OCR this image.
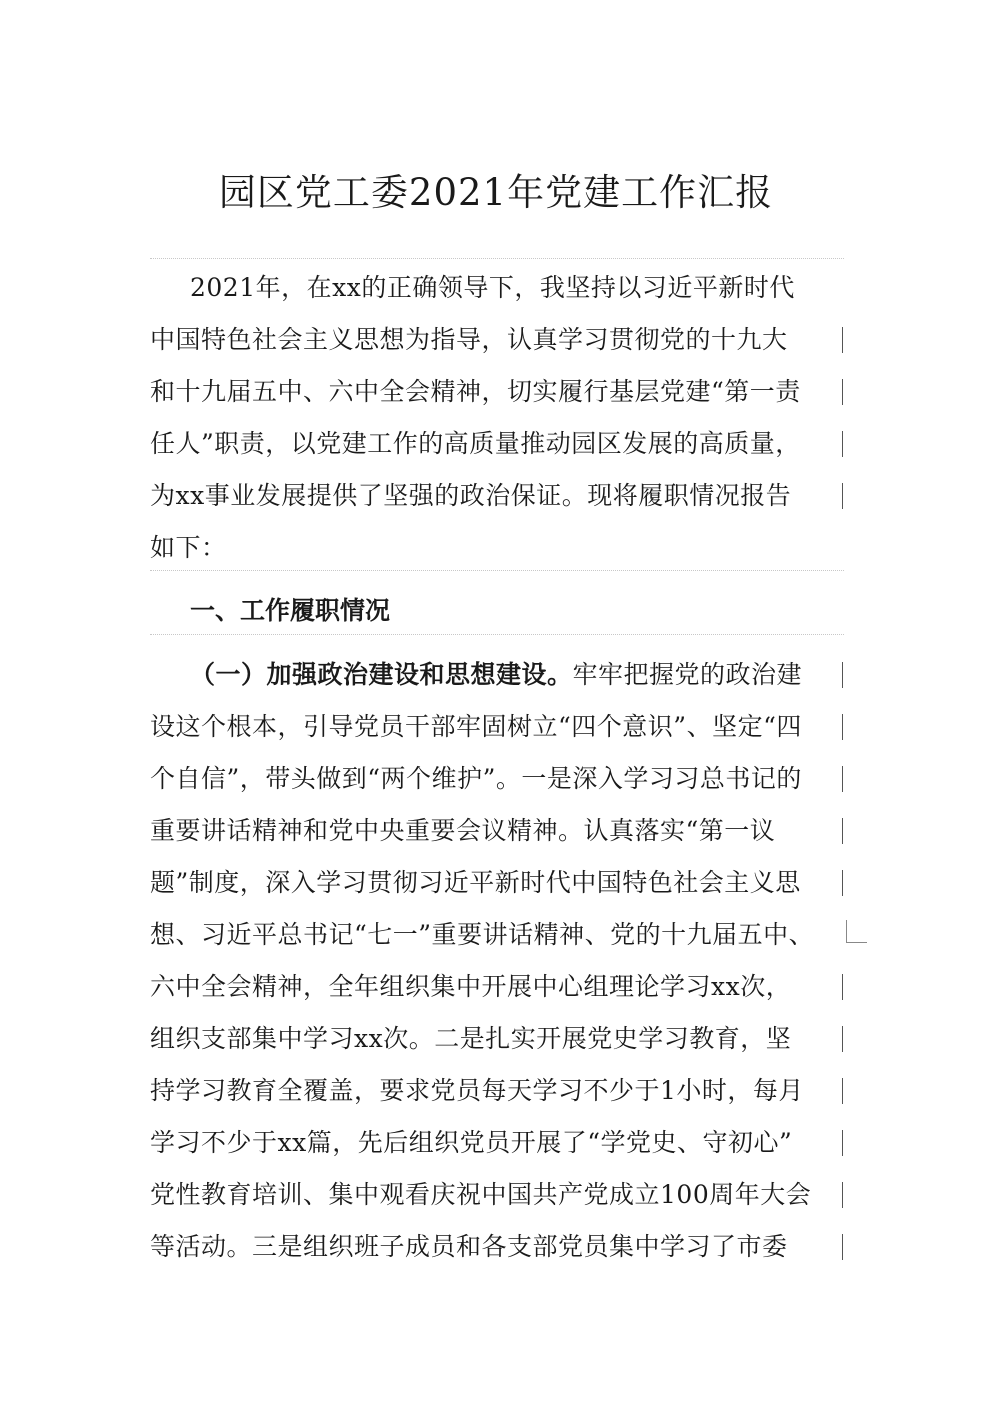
园区党工委2021年党建工作汇报
2021年，在xx的正确领导下，我坚持以习近平新时代
中国特色社会主义思想为指导，认真学习贯彻党的十九大
和十九届五中、六中全会精神，切实履行基层党建“第一责
任人”职责，以党建工作的高质量推动园区发展的高质量，
为xx事业发展提供了坚强的政治保证。现将履职情况报告
如下：
一、工作履职情况
（一）加强政治建设和思想建设。牢牢把握党的政治建
设这个根本，引导党员干部牢固树立“四个意识”、坚定“四
个自信”，带头做到“两个维护”。一是深入学习习总书记的
重要讲话精神和党中央重要会议精神。认真落实“第一议
题”制度，深入学习贯彻习近平新时代中国特色社会主义思
想、习近平总书记“七一”重要讲话精神、党的十九届五中、
六中全会精神，全年组织集中开展中心组理论学习xx次，
组织支部集中学习xx次。二是扎实开展党史学习教育，坚
持学习教育全覆盖，要求党员每天学习不少于1小时，每月
学习不少于xx篇，先后组织党员开展了“学党史、守初心”
党性教育培训、集中观看庆祝中国共产党成立100周年大会
等活动。三是组织班子成员和各支部党员集中学习了市委
